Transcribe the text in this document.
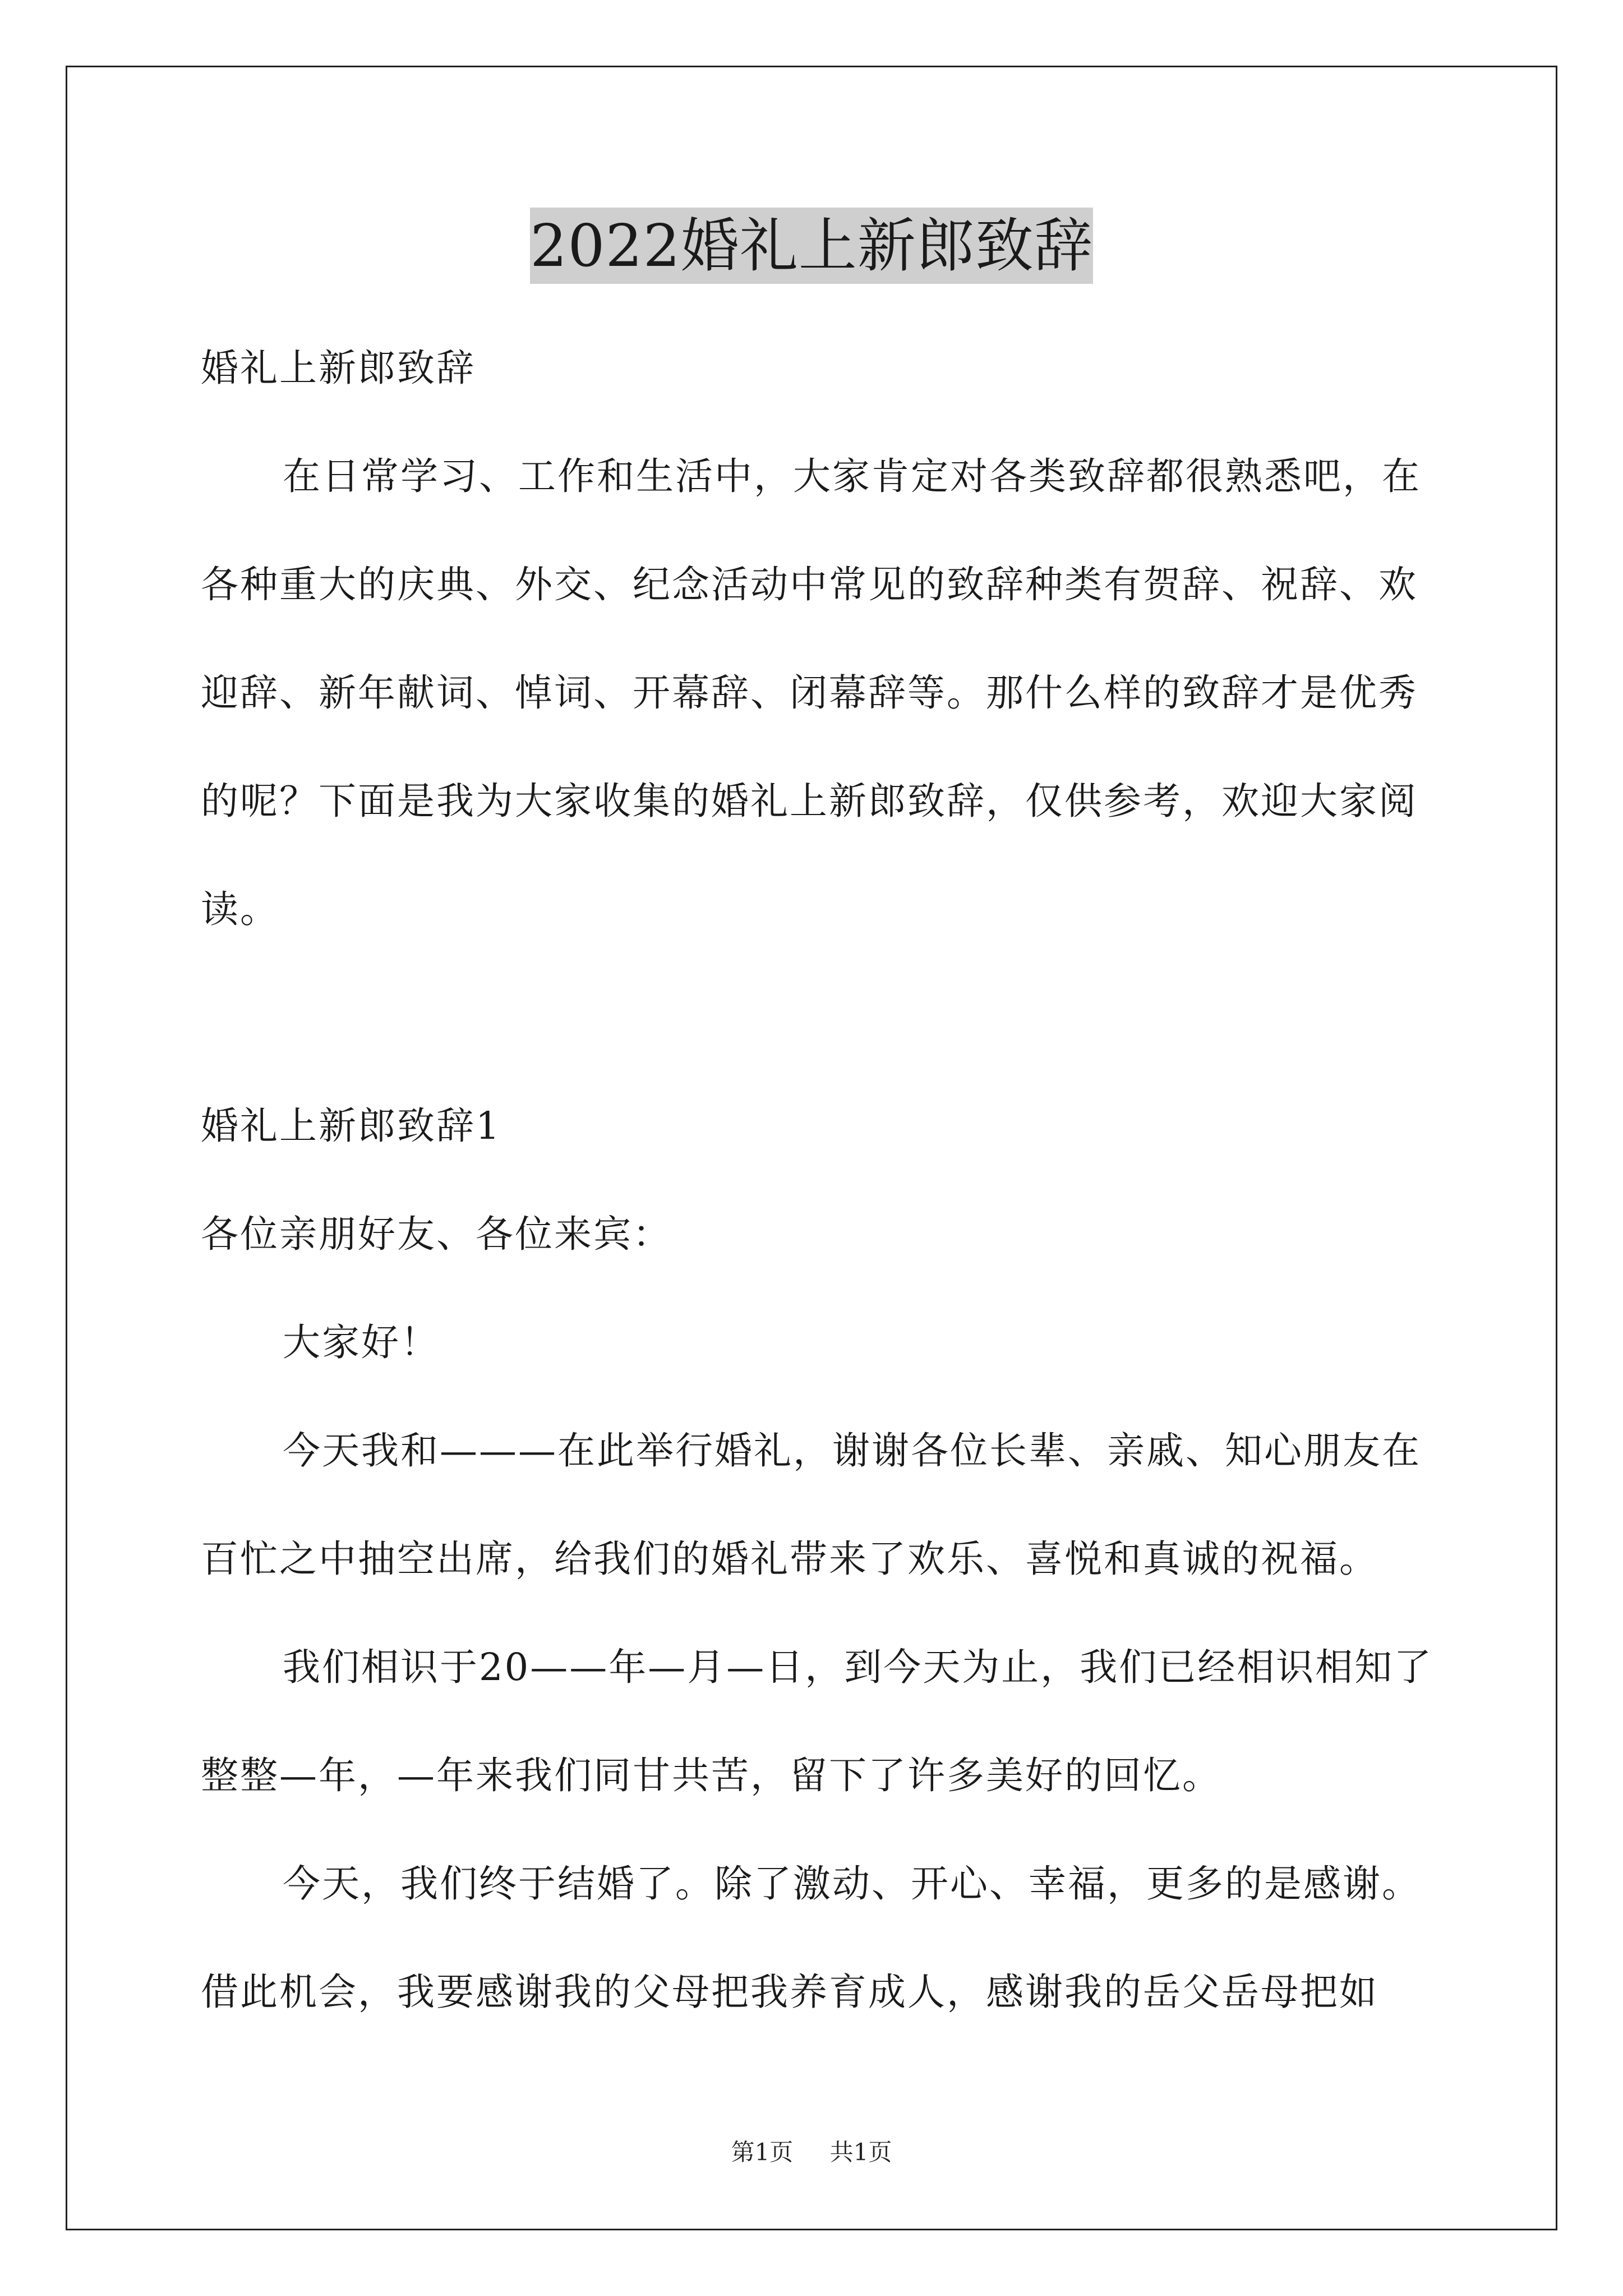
2022婚礼上新郎致辞

婚礼上新郎致辞

在日常学习、工作和生活中，大家肯定对各类致辞都很熟悉吧，在各种重大的庆典、外交、纪念活动中常见的致辞种类有贺辞、祝辞、欢迎辞、新年献词、悼词、开幕辞、闭幕辞等。那什么样的致辞才是优秀的呢？下面是我为大家收集的婚礼上新郎致辞，仅供参考，欢迎大家阅读。

婚礼上新郎致辞1

各位亲朋好友、各位来宾：

大家好！

今天我和———在此举行婚礼，谢谢各位长辈、亲戚、知心朋友在百忙之中抽空出席，给我们的婚礼带来了欢乐、喜悦和真诚的祝福。

我们相识于20——年—月—日，到今天为止，我们已经相识相知了整整—年，—年来我们同甘共苦，留下了许多美好的回忆。

今天，我们终于结婚了。除了激动、开心、幸福，更多的是感谢。借此机会，我要感谢我的父母把我养育成人，感谢我的岳父岳母把如

第1页 共1页
